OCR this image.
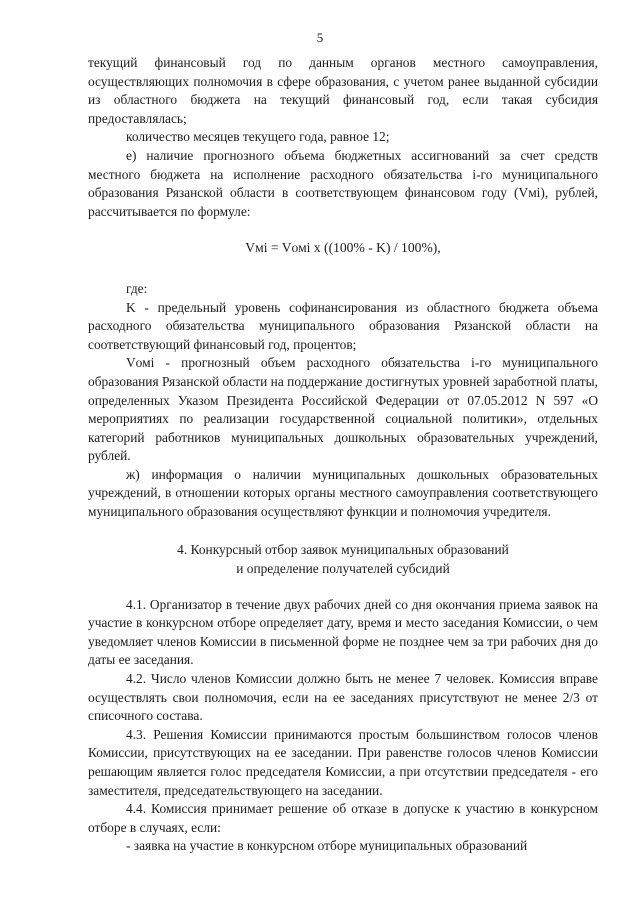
5

текущий финансовый год по данным органов местного самоуправления, осуществляющих полномочия в сфере образования, с учетом ранее выданной субсидии из областного бюджета на текущий финансовый год, если такая субсидия предоставлялась;

количество месяцев текущего года, равное 12;

е) наличие прогнозного объема бюджетных ассигнований за счет средств местного бюджета на исполнение расходного обязательства i-го муниципального образования Рязанской области в соответствующем финансовом году (Vмi), рублей, рассчитывается по формуле:

Vмi = Vомi x ((100% - K) / 100%),

где:

K - предельный уровень софинансирования из областного бюджета объема расходного обязательства муниципального образования Рязанской области на соответствующий финансовый год, процентов;

Vомi - прогнозный объем расходного обязательства i-го муниципального образования Рязанской области на поддержание достигнутых уровней заработной платы, определенных Указом Президента Российской Федерации от 07.05.2012 N 597 «О мероприятиях по реализации государственной социальной политики», отдельных категорий работников муниципальных дошкольных образовательных учреждений, рублей.

ж) информация о наличии муниципальных дошкольных образовательных учреждений, в отношении которых органы местного самоуправления соответствующего муниципального образования осуществляют функции и полномочия учредителя.

4. Конкурсный отбор заявок муниципальных образований
и определение получателей субсидий

4.1. Организатор в течение двух рабочих дней со дня окончания приема заявок на участие в конкурсном отборе определяет дату, время и место заседания Комиссии, о чем уведомляет членов Комиссии в письменной форме не позднее чем за три рабочих дня до даты ее заседания.

4.2. Число членов Комиссии должно быть не менее 7 человек. Комиссия вправе осуществлять свои полномочия, если на ее заседаниях присутствуют не менее 2/3 от списочного состава.

4.3. Решения Комиссии принимаются простым большинством голосов членов Комиссии, присутствующих на ее заседании. При равенстве голосов членов Комиссии решающим является голос председателя Комиссии, а при отсутствии председателя - его заместителя, председательствующего на заседании.

4.4. Комиссия принимает решение об отказе в допуске к участию в конкурсном отборе в случаях, если:

- заявка на участие в конкурсном отборе муниципальных образований
